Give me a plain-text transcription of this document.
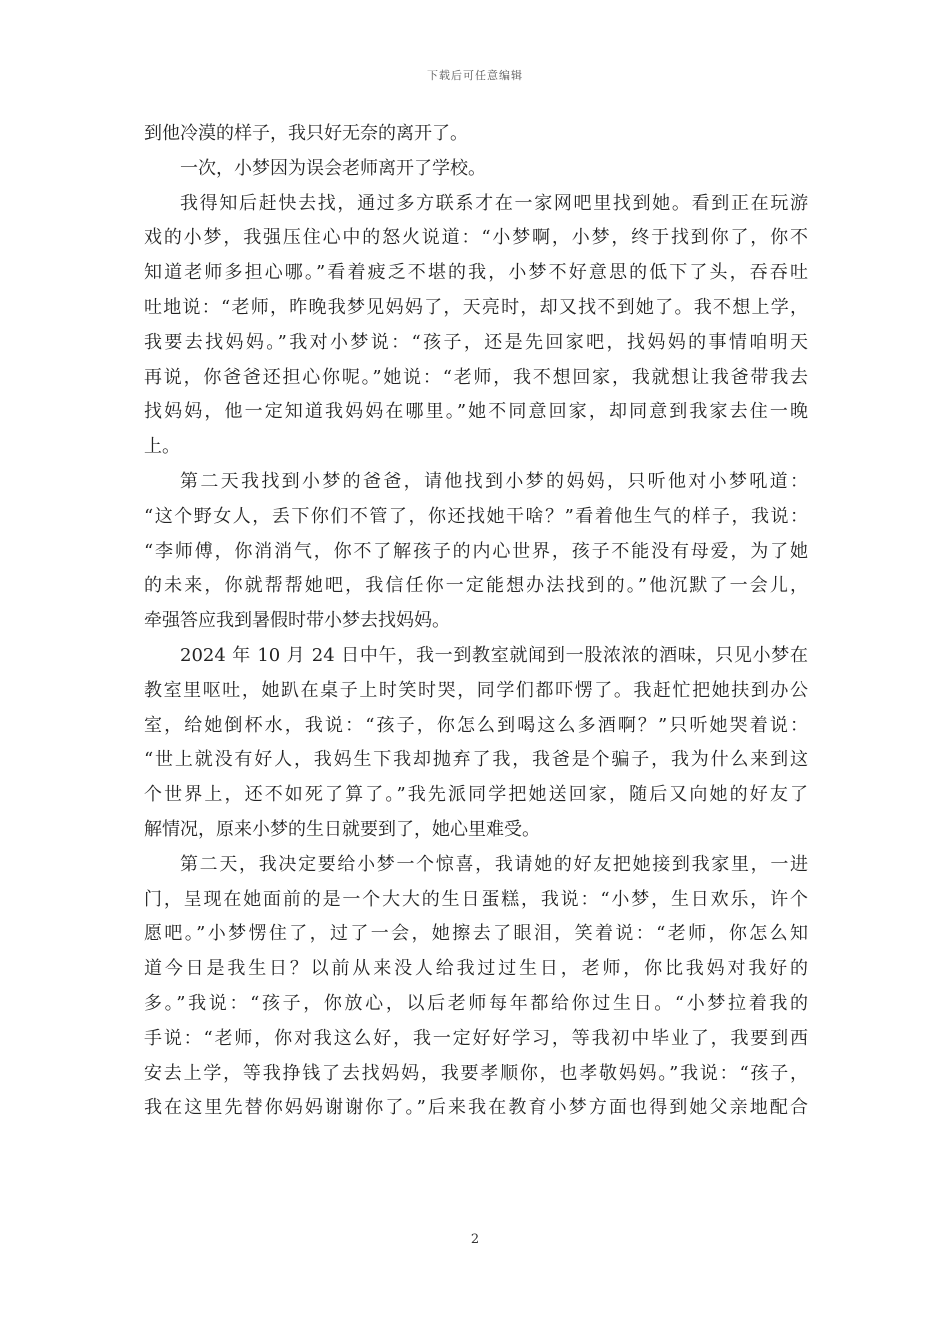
下载后可任意编辑

到他冷漠的样子，我只好无奈的离开了。

一次，小梦因为误会老师离开了学校。

我得知后赶快去找，通过多方联系才在一家网吧里找到她。看到正在玩游

戏的小梦，我强压住心中的怒火说道：“小梦啊，小梦，终于找到你了，你不

知道老师多担心哪。”看着疲乏不堪的我，小梦不好意思的低下了头，吞吞吐

吐地说：“老师，昨晚我梦见妈妈了，天亮时，却又找不到她了。我不想上学，

我要去找妈妈。”我对小梦说：“孩子，还是先回家吧，找妈妈的事情咱明天

再说，你爸爸还担心你呢。”她说：“老师，我不想回家，我就想让我爸带我去

找妈妈，他一定知道我妈妈在哪里。”她不同意回家，却同意到我家去住一晚

上。

第二天我找到小梦的爸爸，请他找到小梦的妈妈，只听他对小梦吼道：

“这个野女人，丢下你们不管了，你还找她干啥？”看着他生气的样子，我说：

“李师傅，你消消气，你不了解孩子的内心世界，孩子不能没有母爱，为了她

的未来，你就帮帮她吧，我信任你一定能想办法找到的。”他沉默了一会儿，

牵强答应我到暑假时带小梦去找妈妈。

2024 年 10 月 24 日中午，我一到教室就闻到一股浓浓的酒味，只见小梦在

教室里呕吐，她趴在桌子上时笑时哭，同学们都吓愣了。我赶忙把她扶到办公

室，给她倒杯水，我说：“孩子，你怎么到喝这么多酒啊？”只听她哭着说：

“世上就没有好人，我妈生下我却抛弃了我，我爸是个骗子，我为什么来到这

个世界上，还不如死了算了。”我先派同学把她送回家，随后又向她的好友了

解情况，原来小梦的生日就要到了，她心里难受。

第二天，我决定要给小梦一个惊喜，我请她的好友把她接到我家里，一进

门，呈现在她面前的是一个大大的生日蛋糕，我说：“小梦，生日欢乐，许个

愿吧。”小梦愣住了，过了一会，她擦去了眼泪，笑着说：“老师，你怎么知

道今日是我生日？以前从来没人给我过过生日，老师，你比我妈对我好的

多。”我说：“孩子，你放心，以后老师每年都给你过生日。“小梦拉着我的

手说：“老师，你对我这么好，我一定好好学习，等我初中毕业了，我要到西

安去上学，等我挣钱了去找妈妈，我要孝顺你，也孝敬妈妈。”我说：“孩子，

我在这里先替你妈妈谢谢你了。”后来我在教育小梦方面也得到她父亲地配合

2
